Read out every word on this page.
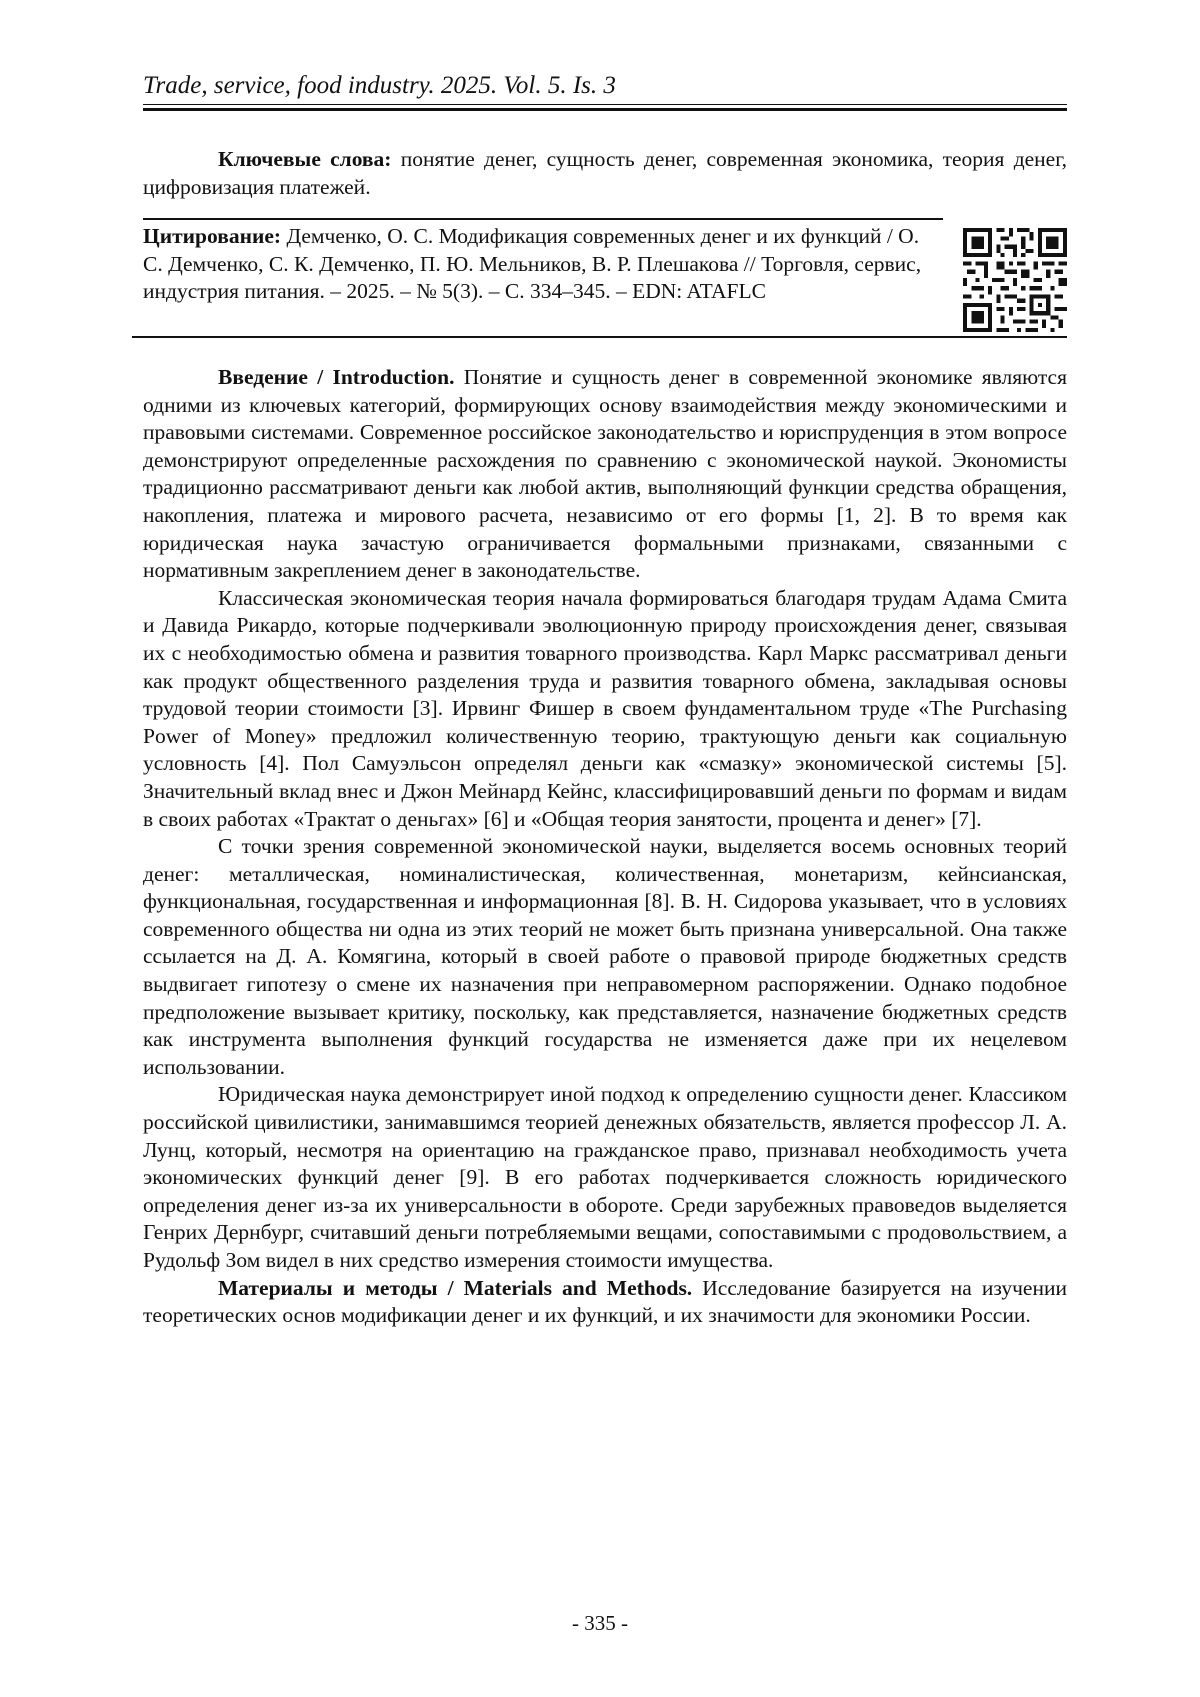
Trade, service, food industry. 2025. Vol. 5. Is. 3

Ключевые слова: понятие денег, сущность денег, современная экономика, теория денег, цифровизация платежей.

Цитирование: Демченко, О. С. Модификация современных денег и их функций / О. С. Демченко, С. К. Демченко, П. Ю. Мельников, В. Р. Плешакова // Торговля, сервис, индустрия питания. – 2025. – № 5(3). – С. 334–345. – EDN: ATAFLC

Введение / Introduction. Понятие и сущность денег в современной экономике являются одними из ключевых категорий, формирующих основу взаимодействия между экономическими и правовыми системами. Современное российское законодательство и юриспруденция в этом вопросе демонстрируют определенные расхождения по сравнению с экономической наукой. Экономисты традиционно рассматривают деньги как любой актив, выполняющий функции средства обращения, накопления, платежа и мирового расчета, независимо от его формы [1, 2]. В то время как юридическая наука зачастую ограничивается формальными признаками, связанными с нормативным закреплением денег в законодательстве.

Классическая экономическая теория начала формироваться благодаря трудам Адама Смита и Давида Рикардо, которые подчеркивали эволюционную природу происхождения денег, связывая их с необходимостью обмена и развития товарного производства. Карл Маркс рассматривал деньги как продукт общественного разделения труда и развития товарного обмена, закладывая основы трудовой теории стоимости [3]. Ирвинг Фишер в своем фундаментальном труде «The Purchasing Power of Money» предложил количественную теорию, трактующую деньги как социальную условность [4]. Пол Самуэльсон определял деньги как «смазку» экономической системы [5]. Значительный вклад внес и Джон Мейнард Кейнс, классифицировавший деньги по формам и видам в своих работах «Трактат о деньгах» [6] и «Общая теория занятости, процента и денег» [7].

С точки зрения современной экономической науки, выделяется восемь основных теорий денег: металлическая, номиналистическая, количественная, монетаризм, кейнсианская, функциональная, государственная и информационная [8]. В. Н. Сидорова указывает, что в условиях современного общества ни одна из этих теорий не может быть признана универсальной. Она также ссылается на Д. А. Комягина, который в своей работе о правовой природе бюджетных средств выдвигает гипотезу о смене их назначения при неправомерном распоряжении. Однако подобное предположение вызывает критику, поскольку, как представляется, назначение бюджетных средств как инструмента выполнения функций государства не изменяется даже при их нецелевом использовании.

Юридическая наука демонстрирует иной подход к определению сущности денег. Классиком российской цивилистики, занимавшимся теорией денежных обязательств, является профессор Л. А. Лунц, который, несмотря на ориентацию на гражданское право, признавал необходимость учета экономических функций денег [9]. В его работах подчеркивается сложность юридического определения денег из-за их универсальности в обороте. Среди зарубежных правоведов выделяется Генрих Дернбург, считавший деньги потребляемыми вещами, сопоставимыми с продовольствием, а Рудольф Зом видел в них средство измерения стоимости имущества.

Материалы и методы / Materials and Methods. Исследование базируется на изучении теоретических основ модификации денег и их функций, и их значимости для экономики России.

- 335 -
